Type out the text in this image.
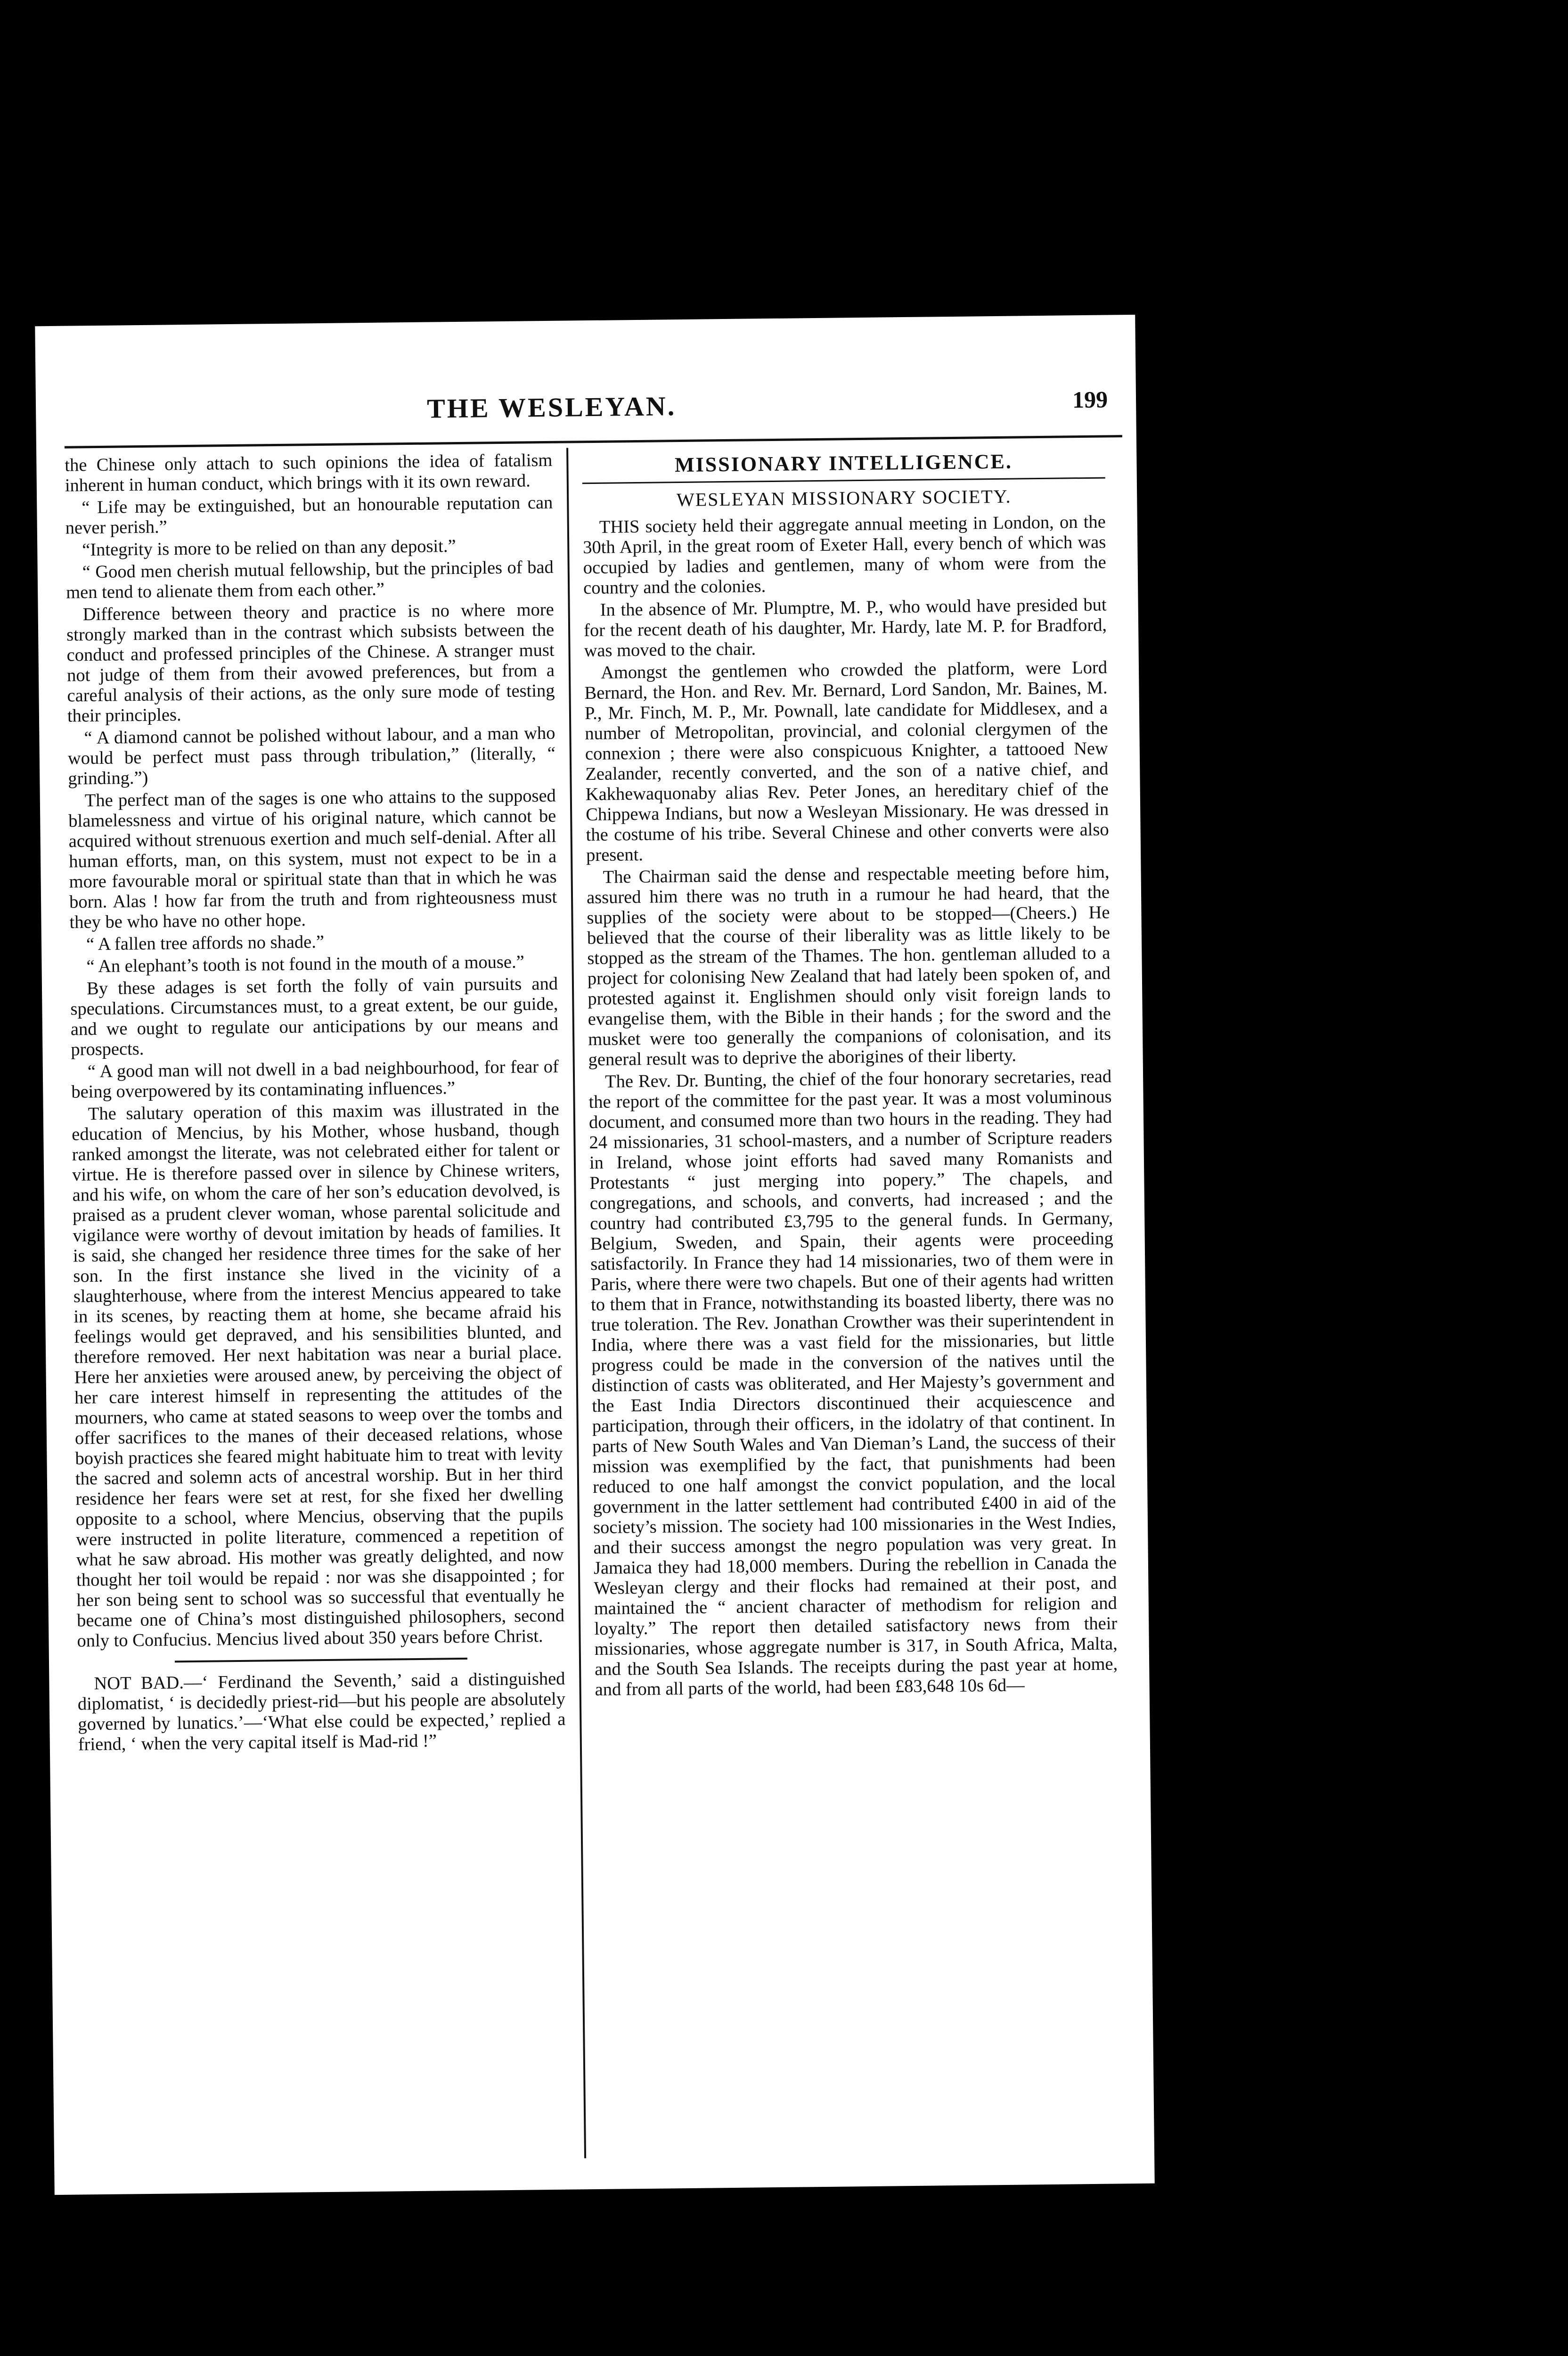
THE WESLEYAN.	199

the Chinese only attach to such opinions the idea of fatalism inherent in human conduct, which brings with it its own reward.

“ Life may be extinguished, but an honourable reputation can never perish.”

“Integrity is more to be relied on than any deposit.”

“ Good men cherish mutual fellowship, but the principles of bad men tend to alienate them from each other.”

Difference between theory and practice is no where more strongly marked than in the contrast which subsists between the conduct and professed principles of the Chinese. A stranger must not judge of them from their avowed preferences, but from a careful analysis of their actions, as the only sure mode of testing their principles.

“ A diamond cannot be polished without labour, and a man who would be perfect must pass through tribulation,” (literally, “ grinding.”)

The perfect man of the sages is one who attains to the supposed blamelessness and virtue of his original nature, which cannot be acquired without strenuous exertion and much self-denial. After all human efforts, man, on this system, must not expect to be in a more favourable moral or spiritual state than that in which he was born. Alas ! how far from the truth and from righteousness must they be who have no other hope.

“ A fallen tree affords no shade.”

“ An elephant’s tooth is not found in the mouth of a mouse.”

By these adages is set forth the folly of vain pursuits and speculations. Circumstances must, to a great extent, be our guide, and we ought to regulate our anticipations by our means and prospects.

“ A good man will not dwell in a bad neighbourhood, for fear of being overpowered by its contaminating influences.”

The salutary operation of this maxim was illustrated in the education of Mencius, by his Mother, whose husband, though ranked amongst the literate, was not celebrated either for talent or virtue. He is therefore passed over in silence by Chinese writers, and his wife, on whom the care of her son’s education devolved, is praised as a prudent clever woman, whose parental solicitude and vigilance were worthy of devout imitation by heads of families. It is said, she changed her residence three times for the sake of her son. In the first instance she lived in the vicinity of a slaughterhouse, where from the interest Mencius appeared to take in its scenes, by reacting them at home, she became afraid his feelings would get depraved, and his sensibilities blunted, and therefore removed. Her next habitation was near a burial place. Here her anxieties were aroused anew, by perceiving the object of her care interest himself in representing the attitudes of the mourners, who came at stated seasons to weep over the tombs and offer sacrifices to the manes of their deceased relations, whose boyish practices she feared might habituate him to treat with levity the sacred and solemn acts of ancestral worship. But in her third residence her fears were set at rest, for she fixed her dwelling opposite to a school, where Mencius, observing that the pupils were instructed in polite literature, commenced a repetition of what he saw abroad. His mother was greatly delighted, and now thought her toil would be repaid : nor was she disappointed ; for her son being sent to school was so successful that eventually he became one of China’s most distinguished philosophers, second only to Confucius. Mencius lived about 350 years before Christ.

NOT BAD.—‘ Ferdinand the Seventh,’ said a distinguished diplomatist, ‘ is decidedly priest-rid—but his people are absolutely governed by lunatics.’—‘What else could be expected,’ replied a friend, ‘ when the very capital itself is Mad-rid !”

MISSIONARY INTELLIGENCE.
WESLEYAN MISSIONARY SOCIETY.

THIS society held their aggregate annual meeting in London, on the 30th April, in the great room of Exeter Hall, every bench of which was occupied by ladies and gentlemen, many of whom were from the country and the colonies.

In the absence of Mr. Plumptre, M. P., who would have presided but for the recent death of his daughter, Mr. Hardy, late M. P. for Bradford, was moved to the chair.

Amongst the gentlemen who crowded the platform, were Lord Bernard, the Hon. and Rev. Mr. Bernard, Lord Sandon, Mr. Baines, M. P., Mr. Finch, M. P., Mr. Pownall, late candidate for Middlesex, and a number of Metropolitan, provincial, and colonial clergymen of the connexion ; there were also conspicuous Knighter, a tattooed New Zealander, recently converted, and the son of a native chief, and Kakhewaquonaby alias Rev. Peter Jones, an hereditary chief of the Chippewa Indians, but now a Wesleyan Missionary. He was dressed in the costume of his tribe. Several Chinese and other converts were also present.

The Chairman said the dense and respectable meeting before him, assured him there was no truth in a rumour he had heard, that the supplies of the society were about to be stopped—(Cheers.) He believed that the course of their liberality was as little likely to be stopped as the stream of the Thames. The hon. gentleman alluded to a project for colonising New Zealand that had lately been spoken of, and protested against it. Englishmen should only visit foreign lands to evangelise them, with the Bible in their hands ; for the sword and the musket were too generally the companions of colonisation, and its general result was to deprive the aborigines of their liberty.

The Rev. Dr. Bunting, the chief of the four honorary secretaries, read the report of the committee for the past year. It was a most voluminous document, and consumed more than two hours in the reading. They had 24 missionaries, 31 school-masters, and a number of Scripture readers in Ireland, whose joint efforts had saved many Romanists and Protestants “ just merging into popery.” The chapels, and congregations, and schools, and converts, had increased ; and the country had contributed £3,795 to the general funds. In Germany, Belgium, Sweden, and Spain, their agents were proceeding satisfactorily. In France they had 14 missionaries, two of them were in Paris, where there were two chapels. But one of their agents had written to them that in France, notwithstanding its boasted liberty, there was no true toleration. The Rev. Jonathan Crowther was their superintendent in India, where there was a vast field for the missionaries, but little progress could be made in the conversion of the natives until the distinction of casts was obliterated, and Her Majesty’s government and the East India Directors discontinued their acquiescence and participation, through their officers, in the idolatry of that continent. In parts of New South Wales and Van Dieman’s Land, the success of their mission was exemplified by the fact, that punishments had been reduced to one half amongst the convict population, and the local government in the latter settlement had contributed £400 in aid of the society’s mission. The society had 100 missionaries in the West Indies, and their success amongst the negro population was very great. In Jamaica they had 18,000 members. During the rebellion in Canada the Wesleyan clergy and their flocks had remained at their post, and maintained the “ ancient character of methodism for religion and loyalty.” The report then detailed satisfactory news from their missionaries, whose aggregate number is 317, in South Africa, Malta, and the South Sea Islands. The receipts during the past year at home, and from all parts of the world, had been £83,648 10s 6d—
